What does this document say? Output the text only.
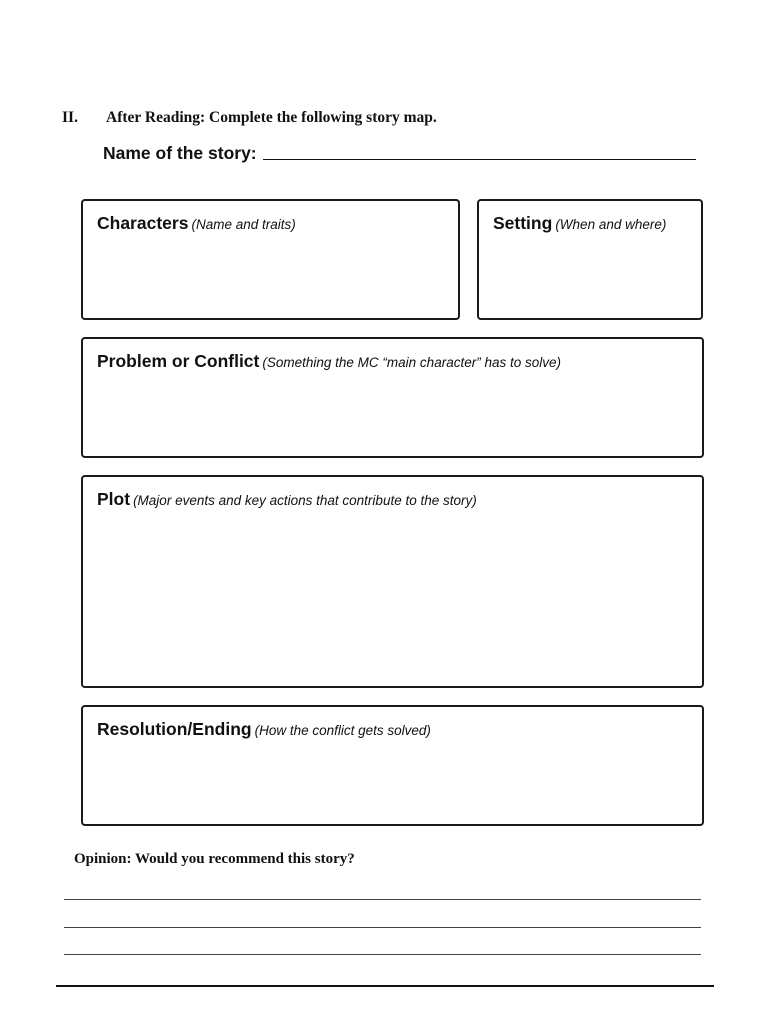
II. After Reading: Complete the following story map.
Name of the story:
Characters (Name and traits)	Setting (When and where)
Problem or Conflict (Something the MC “main character” has to solve)
Plot (Major events and key actions that contribute to the story)
Resolution/Ending (How the conflict gets solved)
Opinion: Would you recommend this story?
